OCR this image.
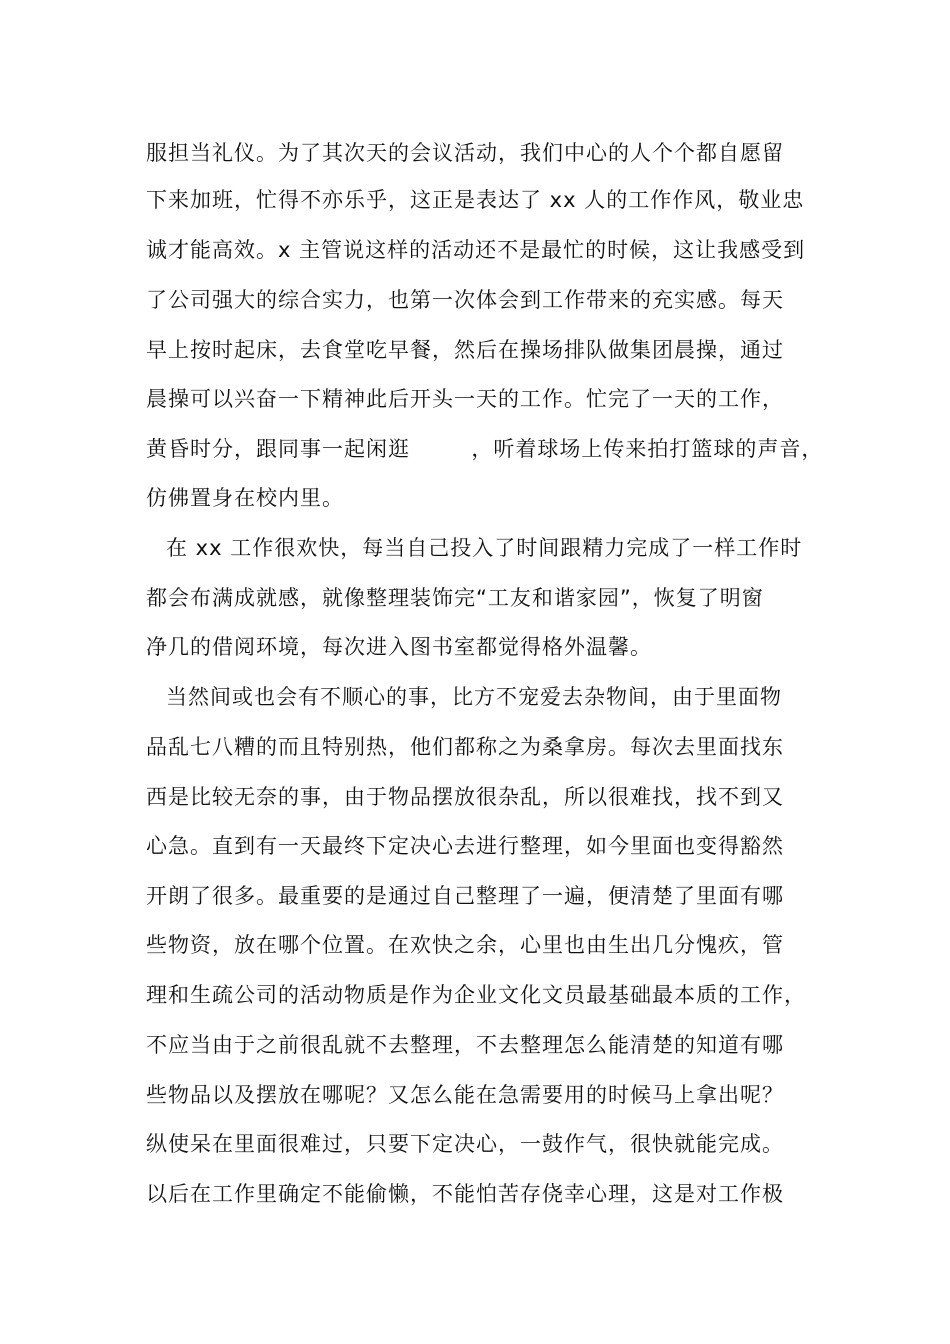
服担当礼仪。为了其次天的会议活动，我们中心的人个个都自愿留
下来加班，忙得不亦乐乎，这正是表达了 xx 人的工作作风，敬业忠
诚才能高效。x 主管说这样的活动还不是最忙的时候，这让我感受到
了公司强大的综合实力，也第一次体会到工作带来的充实感。每天
早上按时起床，去食堂吃早餐，然后在操场排队做集团晨操，通过
晨操可以兴奋一下精神此后开头一天的工作。忙完了一天的工作，
黄昏时分，跟同事一起闲逛        ，听着球场上传来拍打篮球的声音，
仿佛置身在校内里。
在 xx 工作很欢快，每当自己投入了时间跟精力完成了一样工作时
都会布满成就感，就像整理装饰完“工友和谐家园”，恢复了明窗
净几的借阅环境，每次进入图书室都觉得格外温馨。
当然间或也会有不顺心的事，比方不宠爱去杂物间，由于里面物
品乱七八糟的而且特别热，他们都称之为桑拿房。每次去里面找东
西是比较无奈的事，由于物品摆放很杂乱，所以很难找，找不到又
心急。直到有一天最终下定决心去进行整理，如今里面也变得豁然
开朗了很多。最重要的是通过自己整理了一遍，便清楚了里面有哪
些物资，放在哪个位置。在欢快之余，心里也由生出几分愧疚，管
理和生疏公司的活动物质是作为企业文化文员最基础最本质的工作，
不应当由于之前很乱就不去整理，不去整理怎么能清楚的知道有哪
些物品以及摆放在哪呢？又怎么能在急需要用的时候马上拿出呢？
纵使呆在里面很难过，只要下定决心，一鼓作气，很快就能完成。
以后在工作里确定不能偷懒，不能怕苦存侥幸心理，这是对工作极
